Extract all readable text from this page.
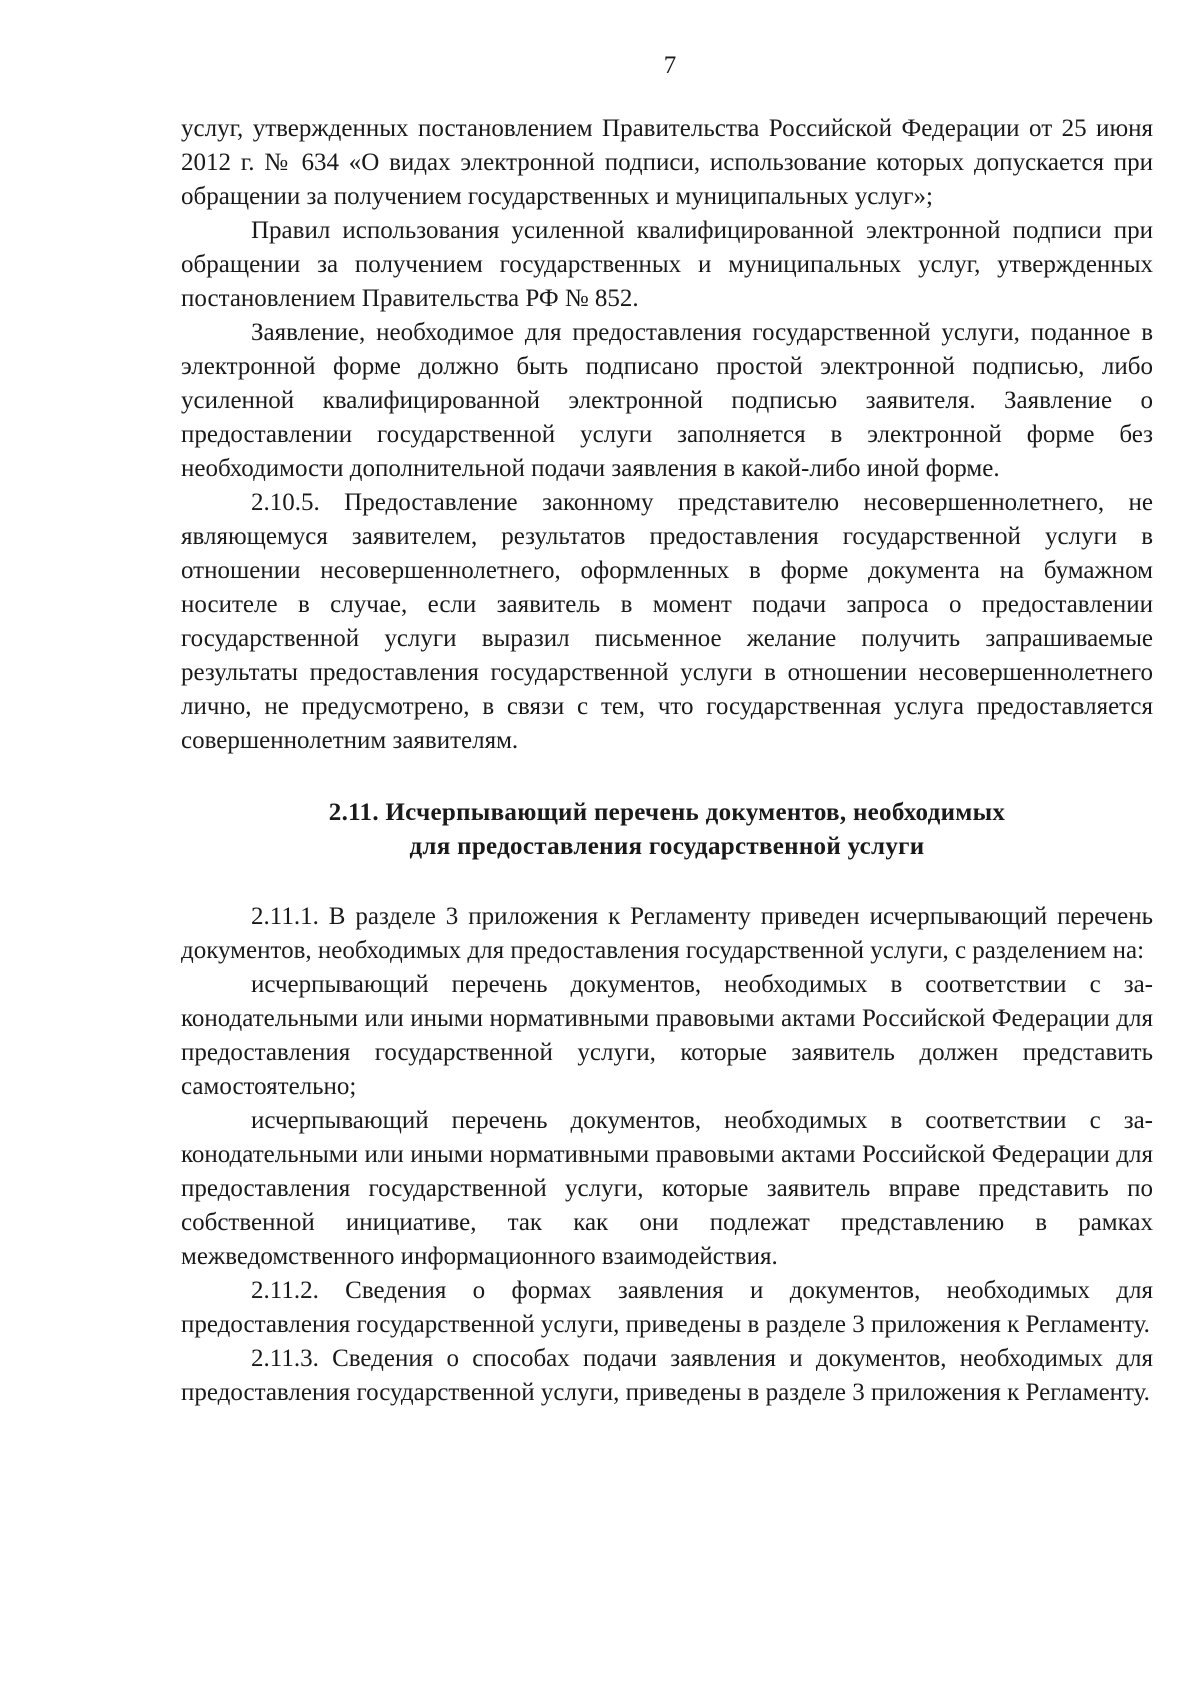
7

услуг, утвержденных постановлением Правительства Российской Федерации от 25 июня 2012 г. № 634 «О видах электронной подписи, использование которых допускается при обращении за получением государственных и муниципальных услуг»;

Правил использования усиленной квалифицированной электронной подписи при обращении за получением государственных и муниципальных услуг, утвержденных постановлением Правительства РФ № 852.

Заявление, необходимое для предоставления государственной услуги, поданное в электронной форме должно быть подписано простой электронной подписью, либо усиленной квалифицированной электронной подписью заявителя. Заявление о предоставлении государственной услуги заполняется в электронной форме без необходимости дополнительной подачи заявления в какой-либо иной форме.

2.10.5. Предоставление законному представителю несовершеннолетнего, не являющемуся заявителем, результатов предоставления государственной услуги в отношении несовершеннолетнего, оформленных в форме документа на бумажном носителе в случае, если заявитель в момент подачи запроса о предоставлении государственной услуги выразил письменное желание получить запрашиваемые результаты предоставления государственной услуги в отношении несовершеннолетнего лично, не предусмотрено, в связи с тем, что государственная услуга предоставляется совершеннолетним заявителям.

2.11. Исчерпывающий перечень документов, необходимых
для предоставления государственной услуги

2.11.1. В разделе 3 приложения к Регламенту приведен исчерпывающий перечень документов, необходимых для предоставления государственной услуги, с разделением на:

исчерпывающий перечень документов, необходимых в соответствии с законодательными или иными нормативными правовыми актами Российской Федерации для предоставления государственной услуги, которые заявитель должен представить самостоятельно;

исчерпывающий перечень документов, необходимых в соответствии с законодательными или иными нормативными правовыми актами Российской Федерации для предоставления государственной услуги, которые заявитель вправе представить по собственной инициативе, так как они подлежат представлению в рамках межведомственного информационного взаимодействия.

2.11.2. Сведения о формах заявления и документов, необходимых для предоставления государственной услуги, приведены в разделе 3 приложения к Регламенту.

2.11.3. Сведения о способах подачи заявления и документов, необходимых для предоставления государственной услуги, приведены в разделе 3 приложения к Регламенту.
